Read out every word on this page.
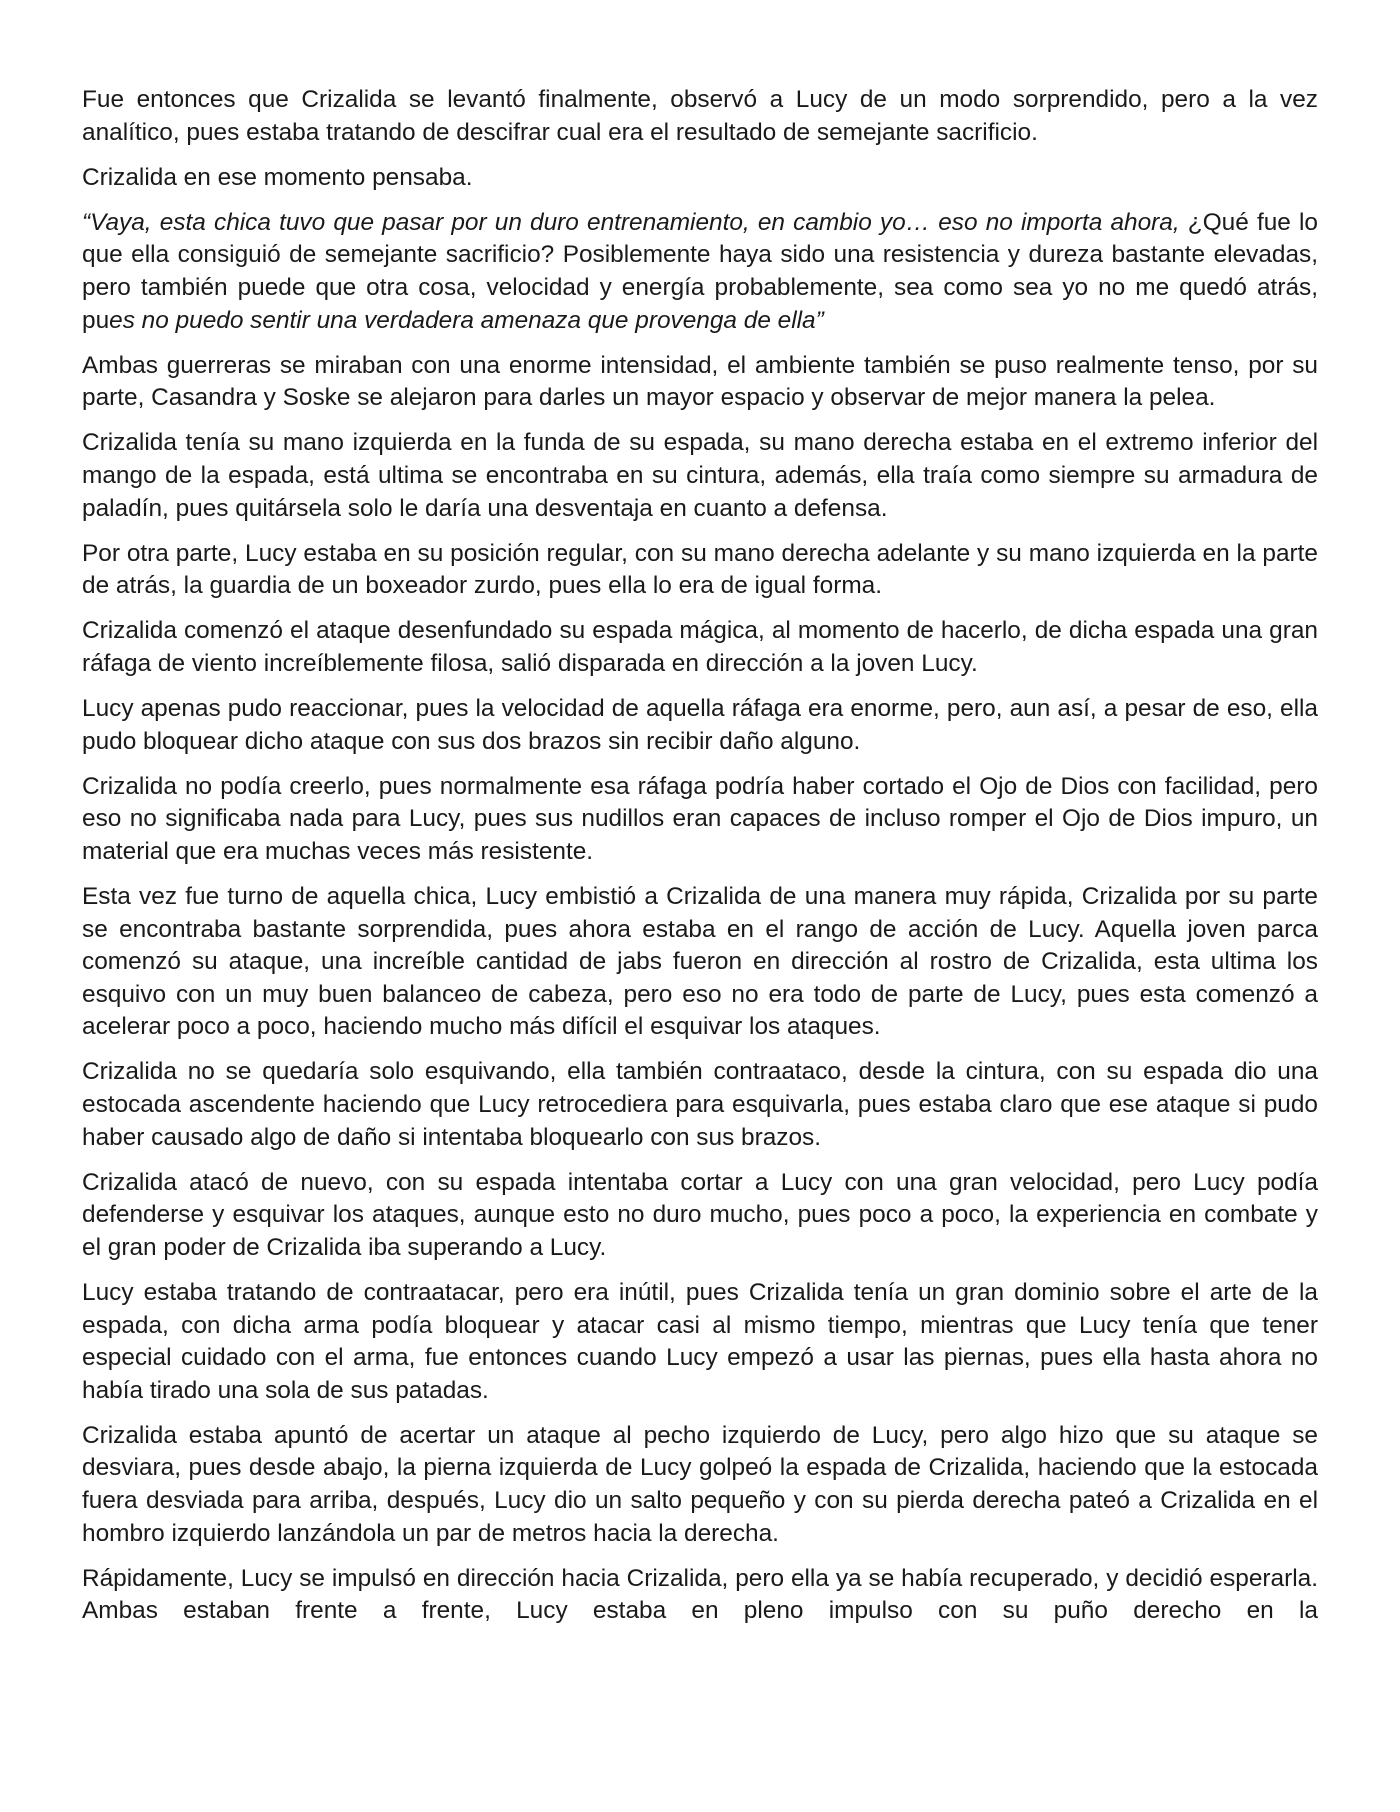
Fue entonces que Crizalida se levantó finalmente, observó a Lucy de un modo sorprendido, pero a la vez analítico, pues estaba tratando de descifrar cual era el resultado de semejante sacrificio.

Crizalida en ese momento pensaba.

“Vaya, esta chica tuvo que pasar por un duro entrenamiento, en cambio yo… eso no importa ahora, ¿Qué fue lo que ella consiguió de semejante sacrificio? Posiblemente haya sido una resistencia y dureza bastante elevadas, pero también puede que otra cosa, velocidad y energía probablemente, sea como sea yo no me quedó atrás, pues no puedo sentir una verdadera amenaza que provenga de ella”

Ambas guerreras se miraban con una enorme intensidad, el ambiente también se puso realmente tenso, por su parte, Casandra y Soske se alejaron para darles un mayor espacio y observar de mejor manera la pelea.

Crizalida tenía su mano izquierda en la funda de su espada, su mano derecha estaba en el extremo inferior del mango de la espada, está ultima se encontraba en su cintura, además, ella traía como siempre su armadura de paladín, pues quitársela solo le daría una desventaja en cuanto a defensa.

Por otra parte, Lucy estaba en su posición regular, con su mano derecha adelante y su mano izquierda en la parte de atrás, la guardia de un boxeador zurdo, pues ella lo era de igual forma.

Crizalida comenzó el ataque desenfundado su espada mágica, al momento de hacerlo, de dicha espada una gran ráfaga de viento increíblemente filosa, salió disparada en dirección a la joven Lucy.

Lucy apenas pudo reaccionar, pues la velocidad de aquella ráfaga era enorme, pero, aun así, a pesar de eso, ella pudo bloquear dicho ataque con sus dos brazos sin recibir daño alguno.

Crizalida no podía creerlo, pues normalmente esa ráfaga podría haber cortado el Ojo de Dios con facilidad, pero eso no significaba nada para Lucy, pues sus nudillos eran capaces de incluso romper el Ojo de Dios impuro, un material que era muchas veces más resistente.

Esta vez fue turno de aquella chica, Lucy embistió a Crizalida de una manera muy rápida, Crizalida por su parte se encontraba bastante sorprendida, pues ahora estaba en el rango de acción de Lucy. Aquella joven parca comenzó su ataque, una increíble cantidad de jabs fueron en dirección al rostro de Crizalida, esta ultima los esquivo con un muy buen balanceo de cabeza, pero eso no era todo de parte de Lucy, pues esta comenzó a acelerar poco a poco, haciendo mucho más difícil el esquivar los ataques.

Crizalida no se quedaría solo esquivando, ella también contraataco, desde la cintura, con su espada dio una estocada ascendente haciendo que Lucy retrocediera para esquivarla, pues estaba claro que ese ataque si pudo haber causado algo de daño si intentaba bloquearlo con sus brazos.

Crizalida atacó de nuevo, con su espada intentaba cortar a Lucy con una gran velocidad, pero Lucy podía defenderse y esquivar los ataques, aunque esto no duro mucho, pues poco a poco, la experiencia en combate y el gran poder de Crizalida iba superando a Lucy.

Lucy estaba tratando de contraatacar, pero era inútil, pues Crizalida tenía un gran dominio sobre el arte de la espada, con dicha arma podía bloquear y atacar casi al mismo tiempo, mientras que Lucy tenía que tener especial cuidado con el arma, fue entonces cuando Lucy empezó a usar las piernas, pues ella hasta ahora no había tirado una sola de sus patadas.

Crizalida estaba apuntó de acertar un ataque al pecho izquierdo de Lucy, pero algo hizo que su ataque se desviara, pues desde abajo, la pierna izquierda de Lucy golpeó la espada de Crizalida, haciendo que la estocada fuera desviada para arriba, después, Lucy dio un salto pequeño y con su pierda derecha pateó a Crizalida en el hombro izquierdo lanzándola un par de metros hacia la derecha.

Rápidamente, Lucy se impulsó en dirección hacia Crizalida, pero ella ya se había recuperado, y decidió esperarla. Ambas estaban frente a frente, Lucy estaba en pleno impulso con su puño derecho en la
